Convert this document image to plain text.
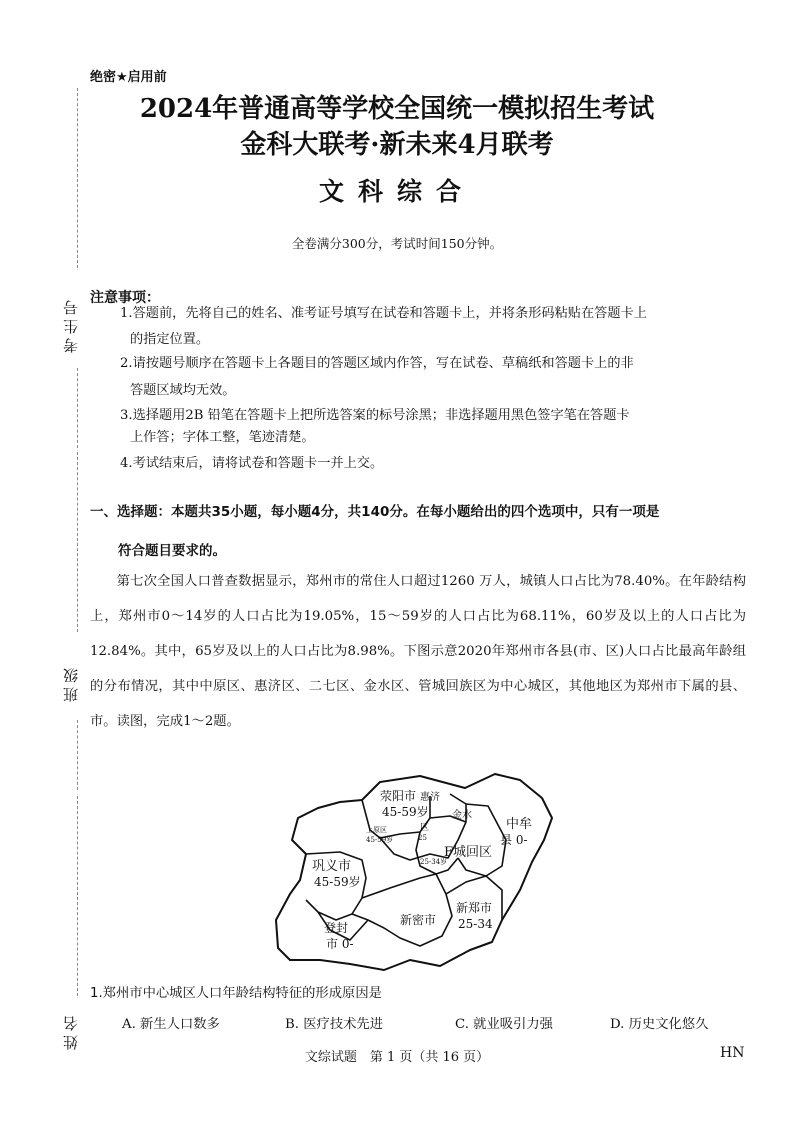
考生号
班级
姓名
绝密★启用前
2024年普通高等学校全国统一模拟招生考试
金科大联考·新未来4月联考
文科综合
全卷满分300分，考试时间150分钟。
注意事项：
1.答题前，先将自己的姓名、准考证号填写在试卷和答题卡上，并将条形码粘贴在答题卡上
的指定位置。
2.请按题号顺序在答题卡上各题目的答题区域内作答，写在试卷、草稿纸和答题卡上的非
答题区域均无效。
3.选择题用2B 铅笔在答题卡上把所选答案的标号涂黑；非选择题用黑色签字笔在答题卡
上作答；字体工整，笔迹清楚。
4.考试结束后，请将试卷和答题卡一并上交。
一、选择题：本题共35小题，每小题4分，共140分。在每小题给出的四个选项中，只有一项是
符合题目要求的。
第七次全国人口普查数据显示，郑州市的常住人口超过1260 万人，城镇人口占比为78.40%。在年龄结构上，郑州市0～14岁的人口占比为19.05%，15～59岁的人口占比为68.11%，60岁及以上的人口占比为12.84%。其中，65岁及以上的人口占比为8.98%。下图示意2020年郑州市各县(市、区)人口占比最高年龄组的分布情况，其中中原区、惠济区、二七区、金水区、管城回族区为中心城区，其他地区为郑州市下属的县、市。读图，完成1～2题。
荥阳市 惠济
45-59岁
区
金水
中牟
县 0-
上原区
45-59岁	25
25-34岁
F城回区
巩义市
45-59岁
新密市
新郑市
25-34
登封
市 0-
1.郑州市中心城区人口年龄结构特征的形成原因是
A. 新生人口数多	B. 医疗技术先进	C. 就业吸引力强	D. 历史文化悠久
文综试题　第 1 页（共 16 页）	HN
